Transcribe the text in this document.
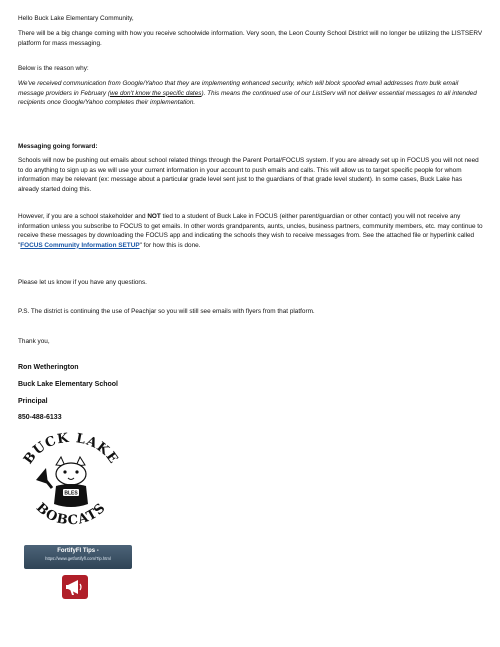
Hello Buck Lake Elementary Community,

There will be a big change coming with how you receive schoolwide information. Very soon, the Leon County School District will no longer be utilizing the LISTSERV platform for mass messaging.

Below is the reason why:

We've received communication from Google/Yahoo that they are implementing enhanced security, which will block spoofed email addresses from bulk email message providers in February (we don't know the specific dates). This means the continued use of our ListServ will not deliver essential messages to all intended recipients once Google/Yahoo completes their implementation.

Messaging going forward:

Schools will now be pushing out emails about school related things through the Parent Portal/FOCUS system. If you are already set up in FOCUS you will not need to do anything to sign up as we will use your current information in your account to push emails and calls. This will allow us to target specific people for whom information may be relevant (ex: message about a particular grade level sent just to the guardians of that grade level student). In some cases, Buck Lake has already started doing this.

However, if you are a school stakeholder and NOT tied to a student of Buck Lake in FOCUS (either parent/guardian or other contact) you will not receive any information unless you subscribe to FOCUS to get emails. In other words grandparents, aunts, uncles, business partners, community members, etc. may continue to receive these messages by downloading the FOCUS app and indicating the schools they wish to receive messages from. See the attached file or hyperlink called "FOCUS Community Information SETUP" for how this is done.

Please let us know if you have any questions.

P.S. The district is continuing the use of Peachjar so you will still see emails with flyers from that platform.

Thank you,

Ron Wetherington

Buck Lake Elementary School

Principal

850-488-6133

BUCK LAKE
BOBCATS
BLES
FortifyFl Tips -
https://www.getfortifyfl.com/Tip.html
